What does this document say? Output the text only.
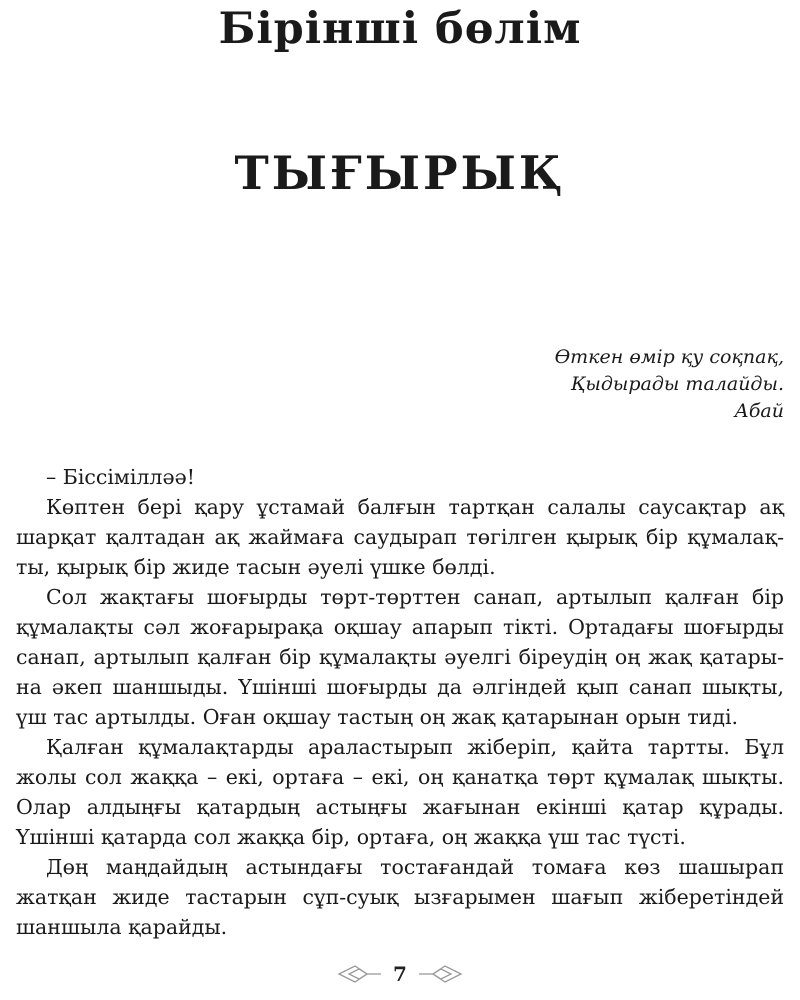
Бірінші бөлім
ТЫҒЫРЫҚ
Өткен өмір қу соқпақ,
Қыдырады талайды.
Абай

– Біссімілләә!

Көптен бері қару ұстамай балғын тартқан салалы саусақтар ақ шарқат қалтадан ақ жаймаға саудырап төгілген қырық бір құмалақты, қырық бір жиде тасын әуелі үшке бөлді.

Сол жақтағы шоғырды төрт-төрттен санап, артылып қалған бір құмалақты сәл жоғарырақа оқшау апарып тікті. Ортадағы шоғырды санап, артылып қалған бір құмалақты әуелгі біреудің оң жақ қатарына әкеп шаншыды. Үшінші шоғырды да әлгіндей қып санап шықты, үш тас артылды. Оған оқшау тастың оң жақ қатарынан орын тиді.

Қалған құмалақтарды араластырып жіберіп, қайта тартты. Бұл жолы сол жаққа – екі, ортаға – екі, оң қанатқа төрт құмалақ шықты. Олар алдыңғы қатардың астыңғы жағынан екінші қатар құрады. Үшінші қатарда сол жаққа бір, ортаға, оң жаққа үш тас түсті.

Дөң маңдайдың астындағы тостағандай томаға көз шашырап жатқан жиде тастарын сұп-суық ызғарымен шағып жіберетіндей шаншыла қарайды.

7
